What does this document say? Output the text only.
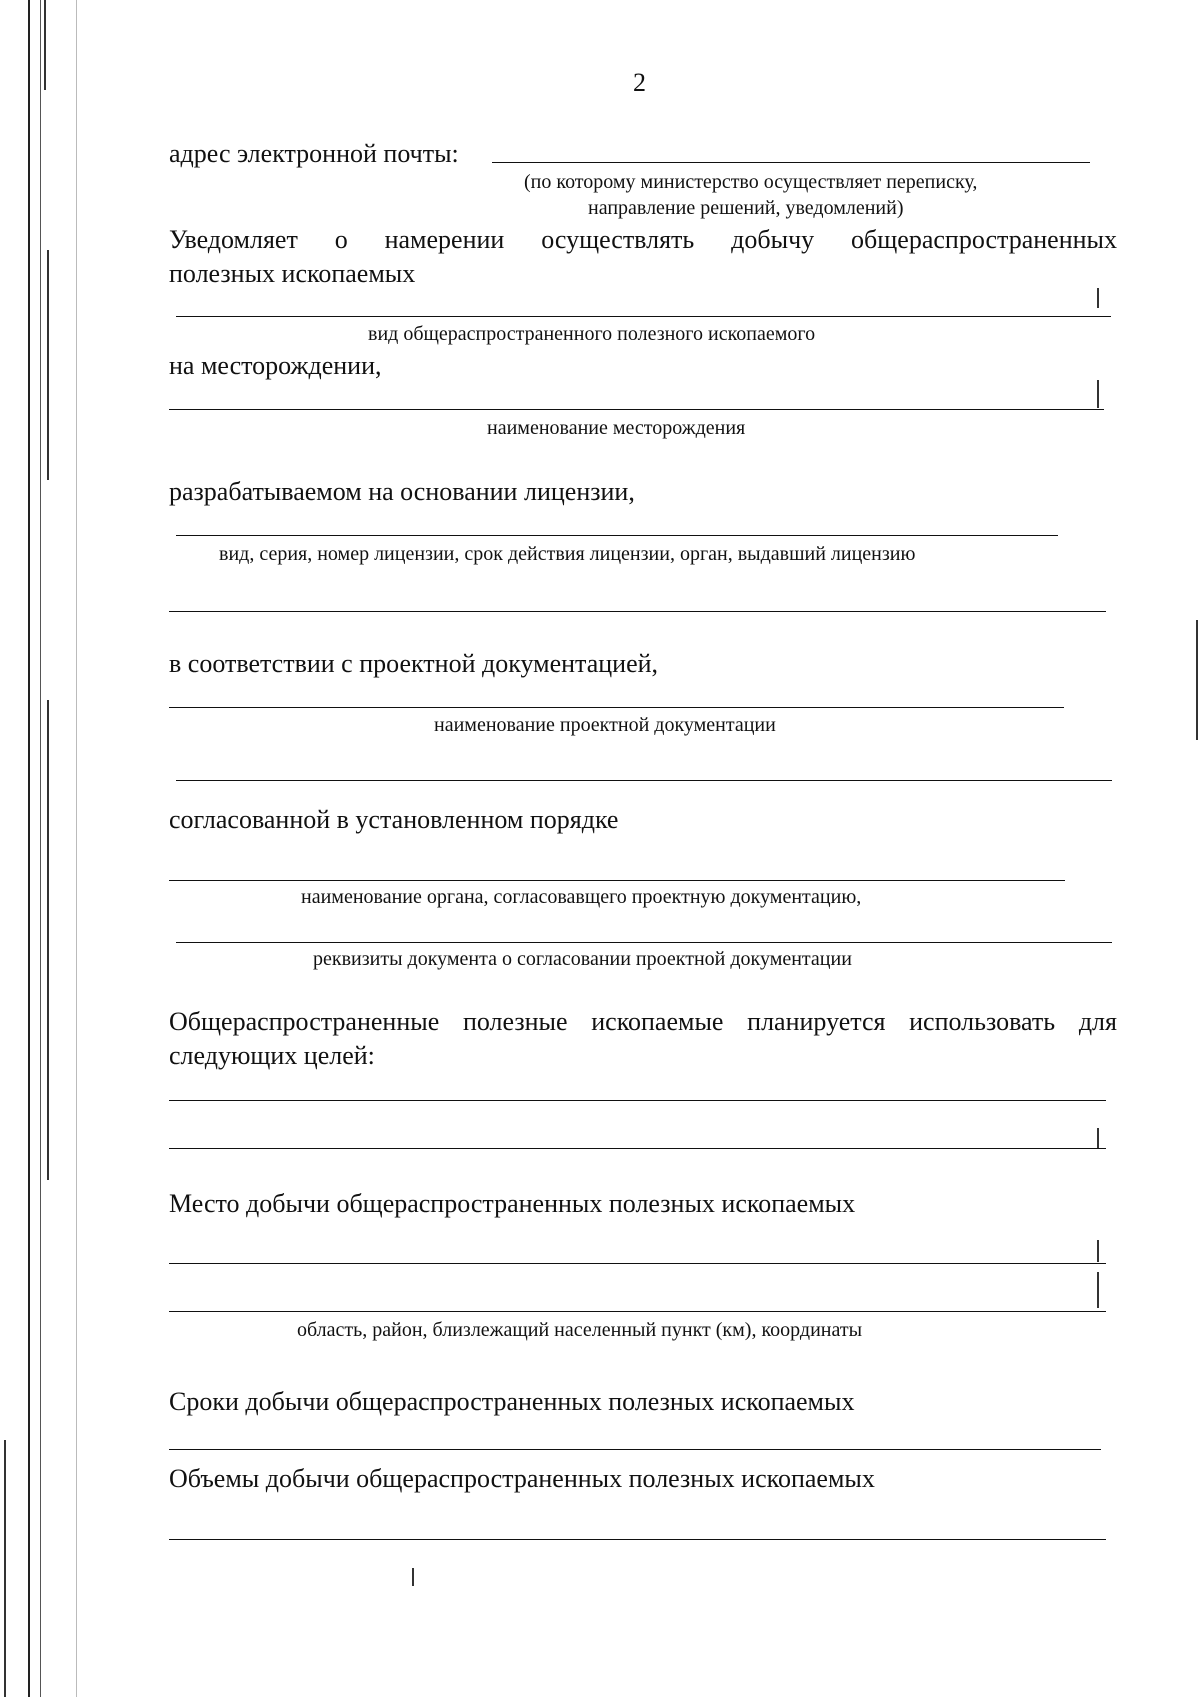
2
адрес электронной почты:
(по которому министерство осуществляет переписку,
направление решений, уведомлений)
Уведомляет о намерении осуществлять добычу общераспространенных
полезных ископаемых
вид общераспространенного полезного ископаемого
на месторождении,
наименование месторождения
разрабатываемом на основании лицензии,
вид, серия, номер лицензии, срок действия лицензии, орган, выдавший лицензию
в соответствии с проектной документацией,
наименование проектной документации
согласованной в установленном порядке
наименование органа, согласовавщего проектную документацию,
реквизиты документа о согласовании проектной документации
Общераспространенные полезные ископаемые планируется использовать для
следующих целей:
Место добычи общераспространенных полезных ископаемых
область, район, близлежащий населенный пункт (км), координаты
Сроки добычи общераспространенных полезных ископаемых
Объемы добычи общераспространенных полезных ископаемых
